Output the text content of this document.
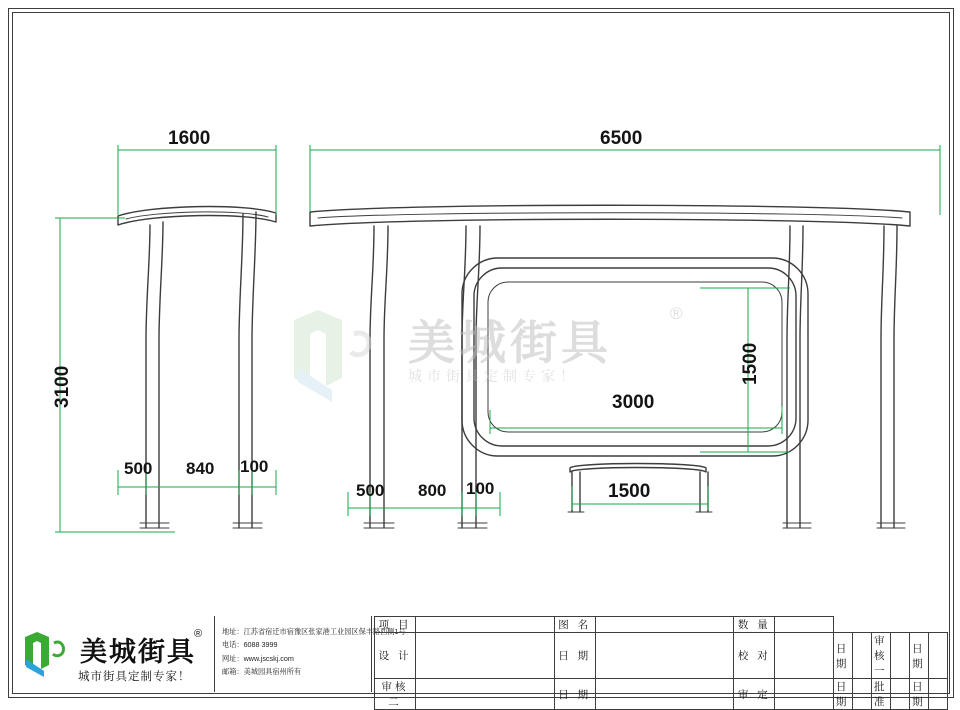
美城街具
®
城市街具定制专家！
1600	6500
3100
500 840 100
500 800 100
1500
3000
1500
美城街具
®
城市街具定制专家！
地址：江苏省宿迁市宿豫区张家港工业园区保丰路西侧1号
电话：6088 3999
网址：www.jscskj.com
邮箱：美城园具宿州所有
项 目		图 名		数 量							
设 计		日 期		校 对		日 期		审核一		日 期	
审核二		日 期		审 定		日 期		批 准		日 期	
